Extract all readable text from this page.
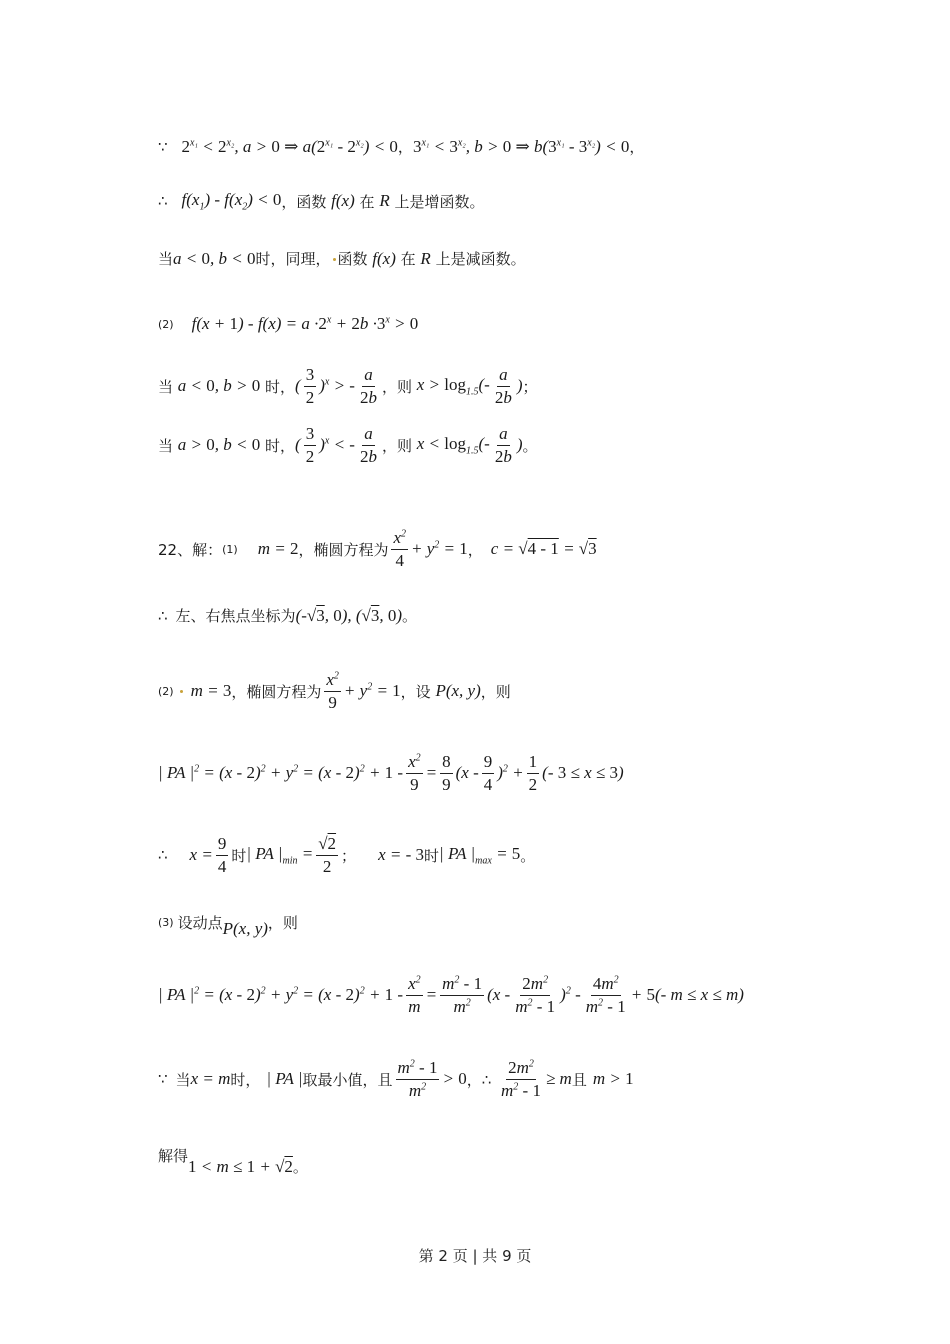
∵ $2^{x_1} < 2^{x_2}$, a > 0 ⇒ $a(2^{x_1} - 2^{x_2}) < 0$ ， $3^{x_1} < 3^{x_2}$, b > 0 ⇒ $b(3^{x_1} - 3^{x_2}) < 0$ ，
∴ $f(x_1) - f(x_2) < 0$ ，函数 f(x) 在 R 上是增函数。
当 a < 0, b < 0 时，同理， 函数 f(x) 在 R 上是减函数。
(2) $f(x + 1) - f(x) = a \cdot 2^x + 2b \cdot 3^x > 0$
当 a < 0, b > 0 时， ( $\frac{3}{2} )^x$ > - $\frac{a}{2b}$ ，则 $x > \log_{1.5}(- \frac{a}{2b}$ ) ；
当 a > 0, b < 0 时， ( $\frac{3}{2} )^x$ < - $\frac{a}{2b}$ ，则 $x < \log_{1.5}(- \frac{a}{2b}$ ) 。
22、解： (1) m = 2 ，椭圆方程为 $\frac{x^2}{4} + y^2 = 1$ ， c = √4 - 1 = √3
∴ 左、右焦点坐标为 (-√3, 0), (√3, 0) 。
(2) m = 3 ，椭圆方程为 $\frac{x^2}{9} + y^2 = 1$ ，设 P(x, y) ，则
| PA $|^2 = (x - 2)^2 + y^2 = (x - 2)^2 + 1 - \frac{x^2}{9} = \frac{8}{9} (x - \frac{9}{4} )^2 + \frac{1}{2}$ (- 3 ≤ x ≤ 3)
∴ $x = \frac{9}{4}$ 时 | PA $|_{min} = \frac{√2}{2}$ ； x = - 3 时 | PA $|_{max} = 5$ 。
(3) 设动点 P(x, y) ，则
| PA $|^2 = (x - 2)^2 + y^2 = (x - 2)^2 + 1 - \frac{x^2}{m} = \frac{m^2 - 1}{m^2} (x - \frac{2m^2}{m^2 - 1} )^2 - \frac{4m^2}{m^2 - 1} + 5(-$ m ≤ x ≤ m)
∵ 当 x = m 时， | PA | 取最小值，且 $\frac{m^2 - 1}{m^2} > 0$ ，∴ $\frac{2m^2}{m^2 - 1} \ge m$ 且 m > 1
解得
1 < m ≤ 1 + √2 。
第 2 页 | 共 9 页
